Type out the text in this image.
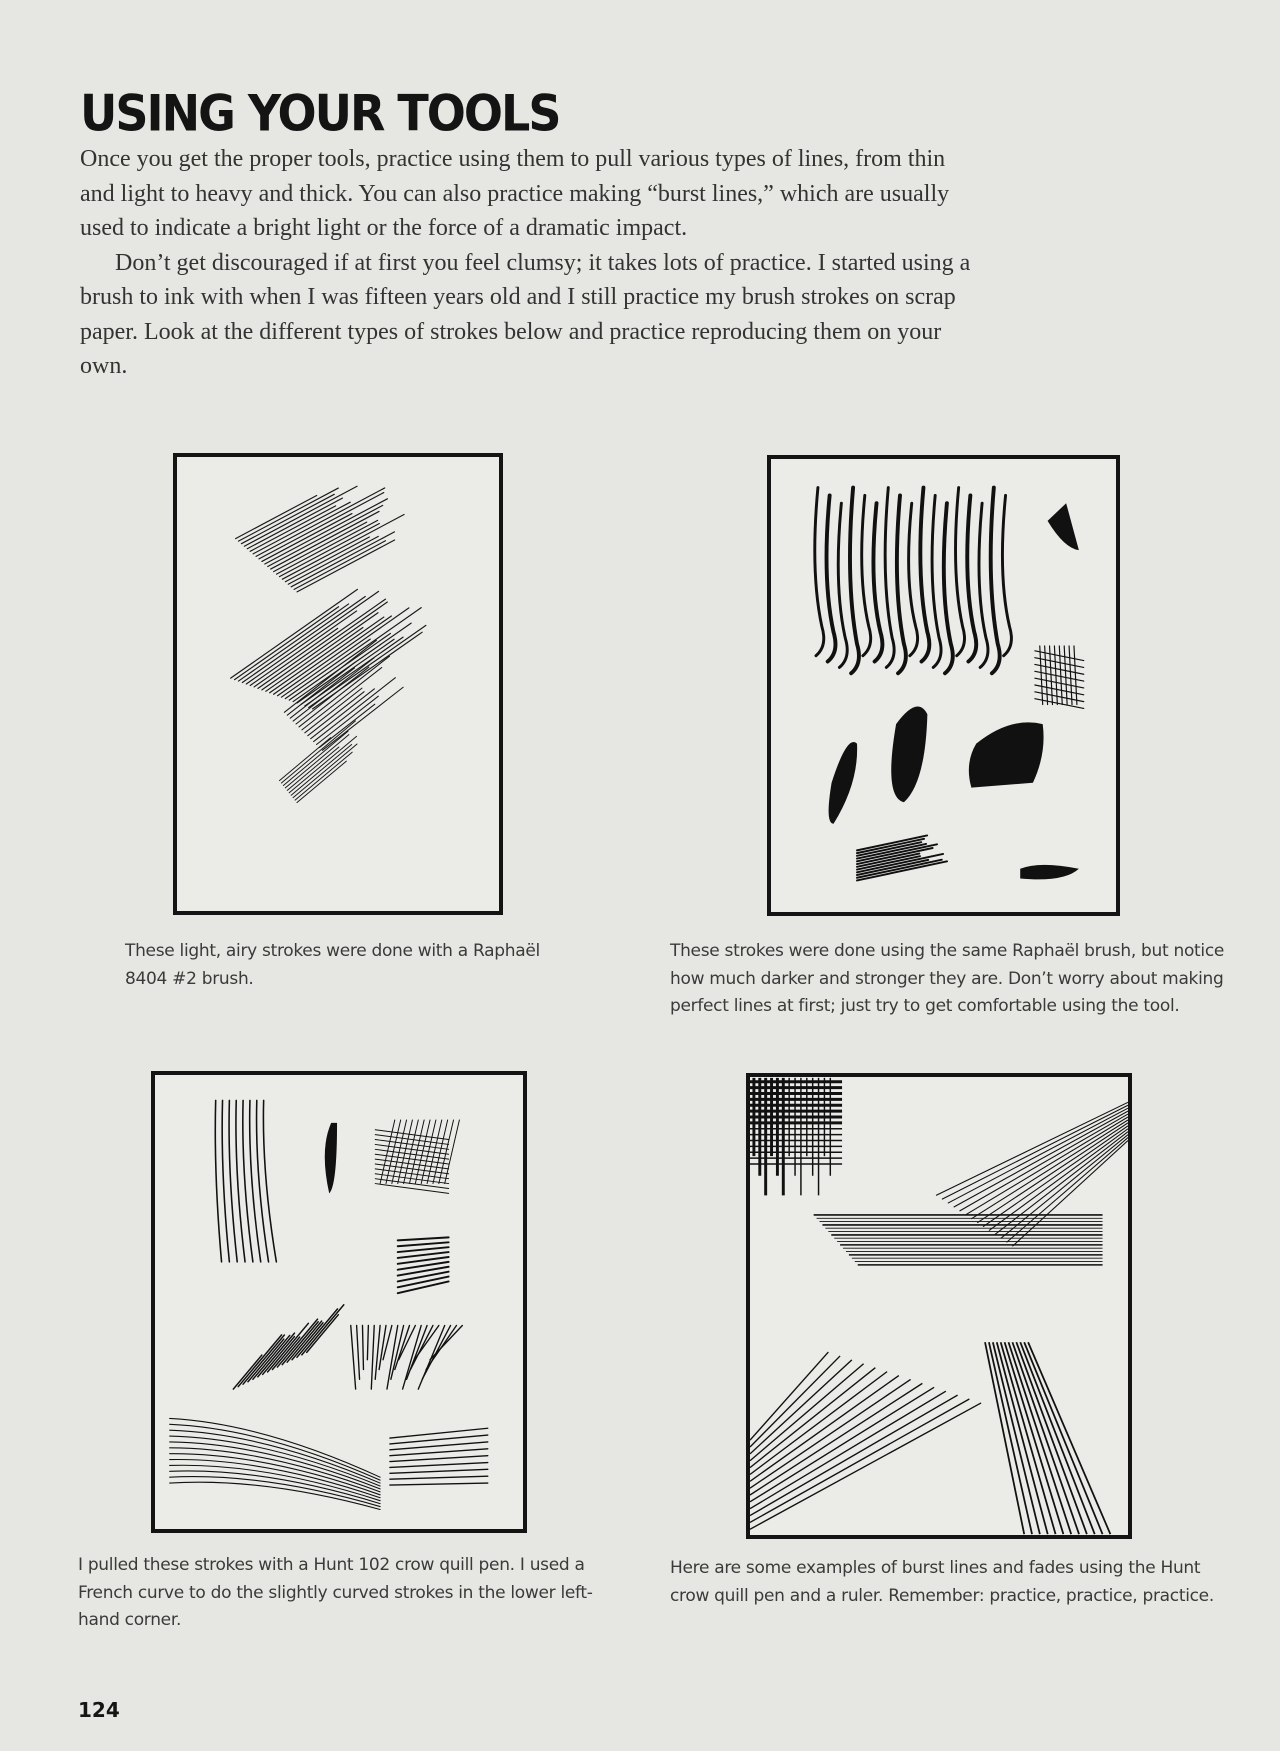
USING YOUR TOOLS

Once you get the proper tools, practice using them to pull various types of lines, from thin and light to heavy and thick. You can also practice making “burst lines,” which are usually used to indicate a bright light or the force of a dramatic impact.

Don’t get discouraged if at first you feel clumsy; it takes lots of practice. I started using a brush to ink with when I was fifteen years old and I still practice my brush strokes on scrap paper. Look at the different types of strokes below and practice reproducing them on your own.

These light, airy strokes were done with a Raphaël 8404 #2 brush.
These strokes were done using the same Raphaël brush, but notice how much darker and stronger they are. Don’t worry about making perfect lines at first; just try to get comfortable using the tool.
I pulled these strokes with a Hunt 102 crow quill pen. I used a French curve to do the slightly curved strokes in the lower left-hand corner.
Here are some examples of burst lines and fades using the Hunt crow quill pen and a ruler. Remember: practice, practice, practice.
124
